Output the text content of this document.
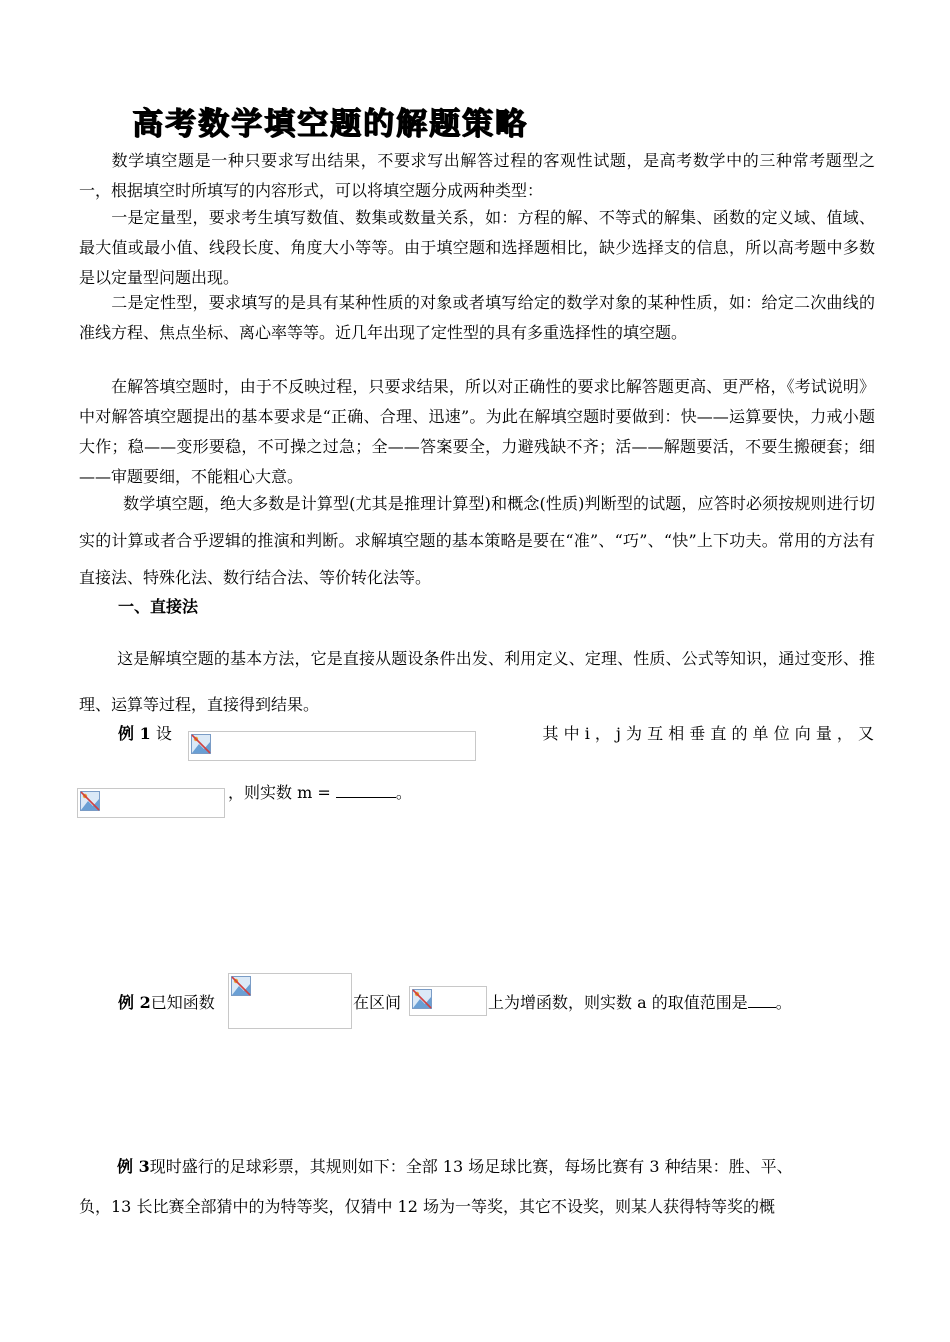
高考数学填空题的解题策略
数学填空题是一种只要求写出结果，不要求写出解答过程的客观性试题，是高考数学中的三种常考题型之一，根据填空时所填写的内容形式，可以将填空题分成两种类型：
一是定量型，要求考生填写数值、数集或数量关系，如：方程的解、不等式的解集、函数的定义域、值域、最大值或最小值、线段长度、角度大小等等。由于填空题和选择题相比，缺少选择支的信息，所以高考题中多数是以定量型问题出现。
二是定性型，要求填写的是具有某种性质的对象或者填写给定的数学对象的某种性质，如：给定二次曲线的准线方程、焦点坐标、离心率等等。近几年出现了定性型的具有多重选择性的填空题。
在解答填空题时，由于不反映过程，只要求结果，所以对正确性的要求比解答题更高、更严格，《考试说明》中对解答填空题提出的基本要求是“正确、合理、迅速”。为此在解填空题时要做到：快——运算要快，力戒小题大作；稳——变形要稳，不可操之过急；全——答案要全，力避残缺不齐；活——解题要活，不要生搬硬套；细——审题要细，不能粗心大意。
数学填空题，绝大多数是计算型(尤其是推理计算型)和概念(性质)判断型的试题，应答时必须按规则进行切实的计算或者合乎逻辑的推演和判断。求解填空题的基本策略是要在“准”、“巧”、“快”上下功夫。常用的方法有直接法、特殊化法、数行结合法、等价转化法等。
一、直接法
这是解填空题的基本方法，它是直接从题设条件出发、利用定义、定理、性质、公式等知识，通过变形、推理、运算等过程，直接得到结果。
例 1 设	其 中 i ， j 为 互 相 垂 直 的 单 位 向 量 ， 又
，则实数 m =	。
例 2已知函数	在区间	上为增函数，则实数 a 的取值范围是 。
例 3现时盛行的足球彩票，其规则如下：全部 13 场足球比赛，每场比赛有 3 种结果：胜、平、
负，13 长比赛全部猜中的为特等奖，仅猜中 12 场为一等奖，其它不设奖，则某人获得特等奖的概
